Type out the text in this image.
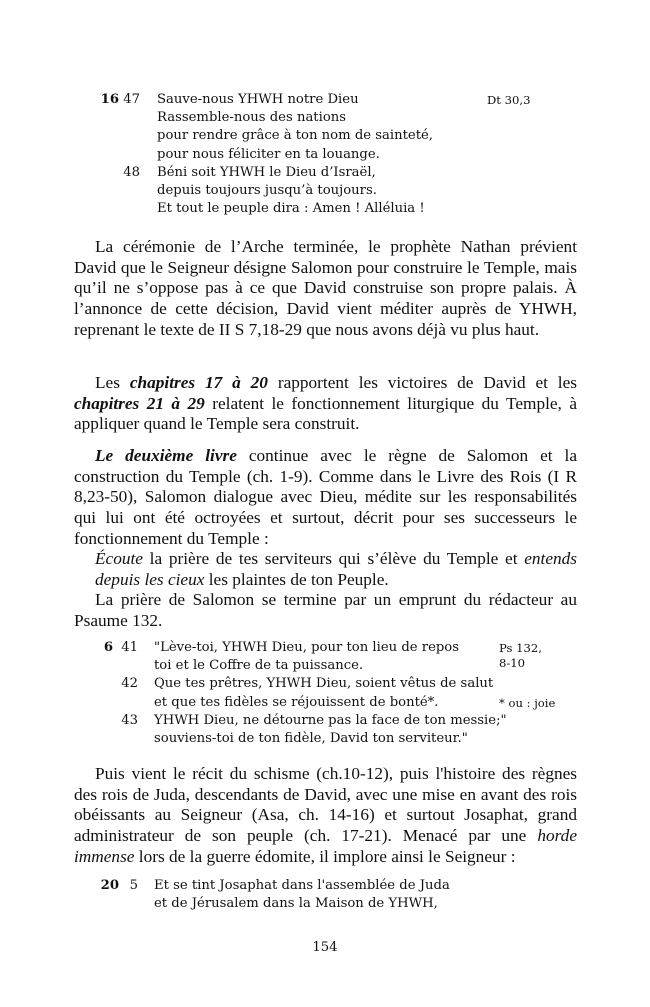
16 47 Sauve-nous YHWH notre Dieu
Rassemble-nous des nations
pour rendre grâce à ton nom de sainteté,
pour nous féliciter en ta louange.
48 Béni soit YHWH le Dieu d’Israël,
depuis toujours jusqu’à toujours.
Et tout le peuple dira : Amen ! Alléluia !
Dt 30,3
La cérémonie de l’Arche terminée, le prophète Nathan prévient David que le Seigneur désigne Salomon pour construire le Temple, mais qu’il ne s’oppose pas à ce que David construise son propre palais. À l’annonce de cette décision, David vient méditer auprès de YHWH, reprenant le texte de II S 7,18-29 que nous avons déjà vu plus haut.
Les chapitres 17 à 20 rapportent les victoires de David et les chapitres 21 à 29 relatent le fonctionnement liturgique du Temple, à appliquer quand le Temple sera construit.
Le deuxième livre continue avec le règne de Salomon et la construction du Temple (ch. 1-9). Comme dans le Livre des Rois (I R 8,23-50), Salomon dialogue avec Dieu, médite sur les responsabilités qui lui ont été octroyées et surtout, décrit pour ses successeurs le fonctionnement du Temple :
Écoute la prière de tes serviteurs qui s’élève du Temple et entends depuis les cieux les plaintes de ton Peuple.
La prière de Salomon se termine par un emprunt du rédacteur au Psaume 132.
6 41 "Lève-toi, YHWH Dieu, pour ton lieu de repos
toi et le Coffre de ta puissance.
42 Que tes prêtres, YHWH Dieu, soient vêtus de salut
et que tes fidèles se réjouissent de bonté*.
43 YHWH Dieu, ne détourne pas la face de ton messie;"
souviens-toi de ton fidèle, David ton serviteur."
Ps 132,
8-10
* ou : joie
Puis vient le récit du schisme (ch.10-12), puis l'histoire des règnes des rois de Juda, descendants de David, avec une mise en avant des rois obéissants au Seigneur (Asa, ch. 14-16) et surtout Josaphat, grand administrateur de son peuple (ch. 17-21). Menacé par une horde immense lors de la guerre édomite, il implore ainsi le Seigneur :
20 5 Et se tint Josaphat dans l'assemblée de Juda
et de Jérusalem dans la Maison de YHWH,
154
